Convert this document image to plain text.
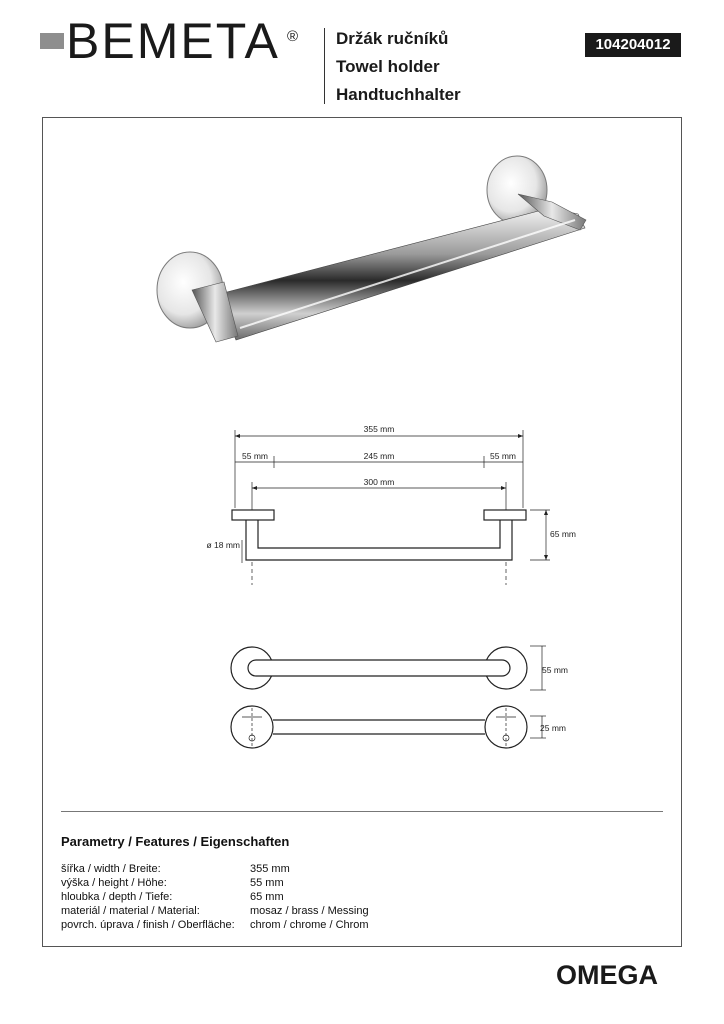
BEMETA ® Držák ručníků
Towel holder
Handtuchhalter
104204012
355 mm
55 mm	245 mm	55 mm
300 mm
ø 18 mm
65 mm
55 mm
25 mm
Parametry / Features / Eigenschaften
šířka / width / Breite:	355 mm
výška / height / Höhe:	55 mm
hloubka / depth / Tiefe:	65 mm
materiál / material / Material:	mosaz / brass / Messing
povrch. úprava / finish / Oberfläche: chrom / chrome / Chrom
OMEGA
